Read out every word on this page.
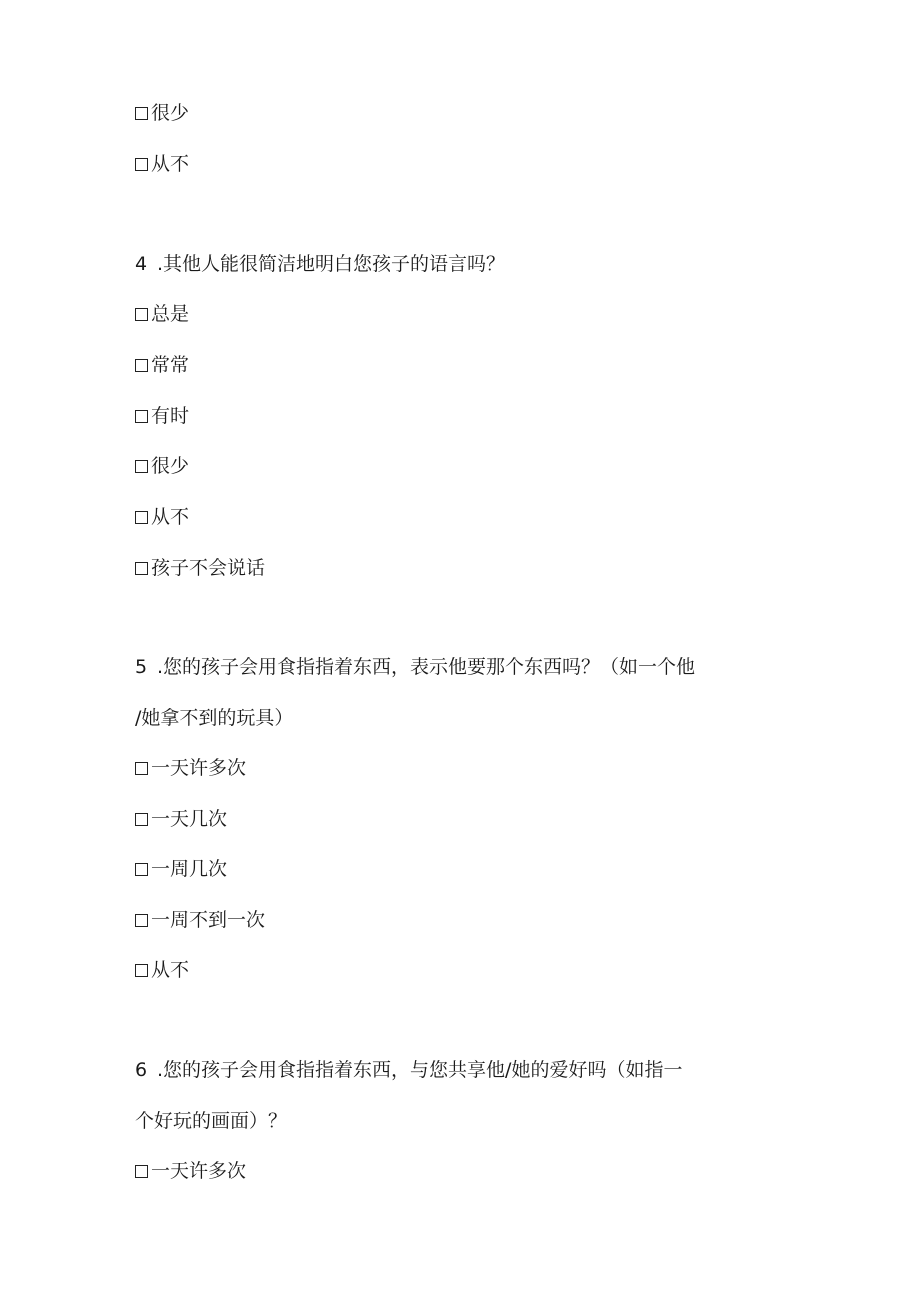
很少
从不
4 .其他人能很简洁地明白您孩子的语言吗？
总是
常常
有时
很少
从不
孩子不会说话
5 .您的孩子会用食指指着东西，表示他要那个东西吗？（如一个他
/她拿不到的玩具）
一天许多次
一天几次
一周几次
一周不到一次
从不
6 .您的孩子会用食指指着东西，与您共享他/她的爱好吗（如指一
个好玩的画面）？
一天许多次
